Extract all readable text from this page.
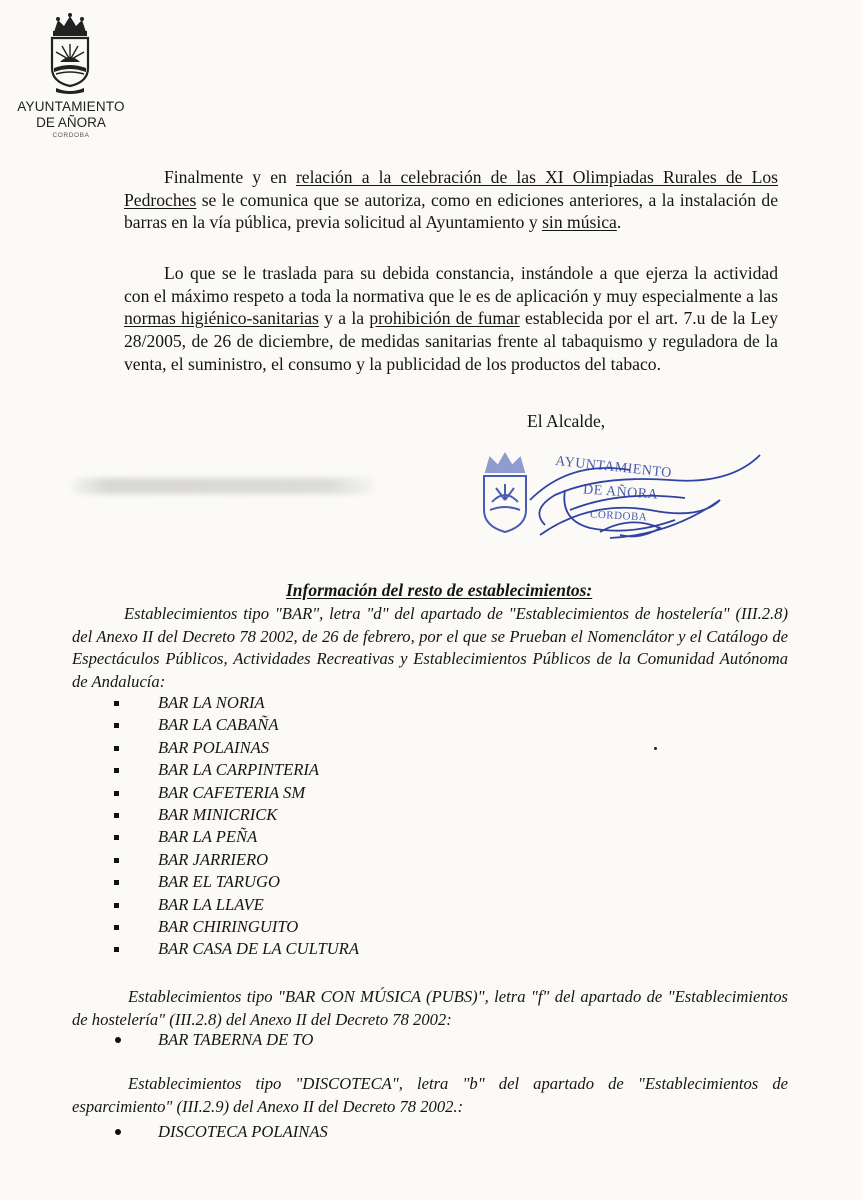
AYUNTAMIENTO
DE AÑORA
CORDOBA

Finalmente y en relación a la celebración de las XI Olimpiadas Rurales de Los Pedroches se le comunica que se autoriza, como en ediciones anteriores, a la instalación de barras en la vía pública, previa solicitud al Ayuntamiento y sin música.

Lo que se le traslada para su debida constancia, instándole a que ejerza la actividad con el máximo respeto a toda la normativa que le es de aplicación y muy especialmente a las normas higiénico-sanitarias y a la prohibición de fumar establecida por el art. 7.u de la Ley 28/2005, de 26 de diciembre, de medidas sanitarias frente al tabaquismo y reguladora de la venta, el suministro, el consumo y la publicidad de los productos del tabaco.

El Alcalde,
AYUNTAMIENTO
DE AÑORA
CORDOBA
Información del resto de establecimientos:
Establecimientos tipo "BAR", letra "d" del apartado de "Establecimientos de hostelería" (III.2.8) del Anexo II del Decreto 78 2002, de 26 de febrero, por el que se Prueban el Nomenclátor y el Catálogo de Espectáculos Públicos, Actividades Recreativas y Establecimientos Públicos de la Comunidad Autónoma de Andalucía:
BAR LA NORIA
BAR LA CABAÑA
BAR POLAINAS
BAR LA CARPINTERIA
BAR CAFETERIA SM
BAR MINICRICK
BAR LA PEÑA
BAR JARRIERO
BAR EL TARUGO
BAR LA LLAVE
BAR CHIRINGUITO
BAR CASA DE LA CULTURA
Establecimientos tipo "BAR CON MÚSICA (PUBS)", letra "f" del apartado de "Establecimientos de hostelería" (III.2.8) del Anexo II del Decreto 78 2002:
BAR TABERNA DE TO
Establecimientos tipo "DISCOTECA", letra "b" del apartado de "Establecimientos de esparcimiento" (III.2.9) del Anexo II del Decreto 78 2002.:
DISCOTECA POLAINAS
